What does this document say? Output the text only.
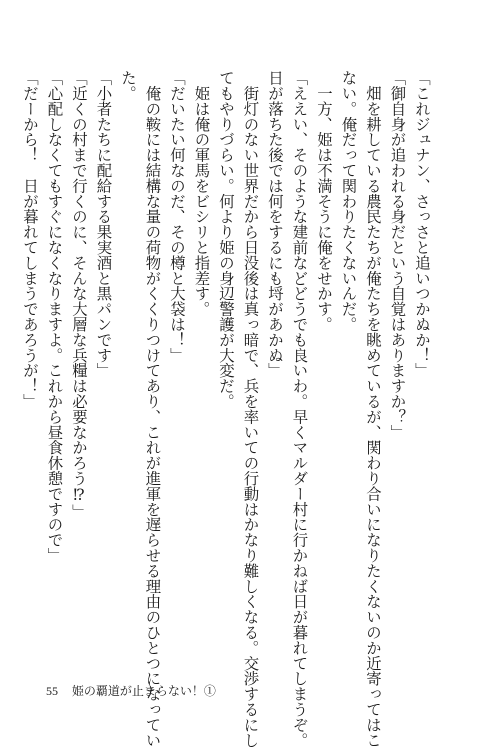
「これジュナン、さっさと追いつかぬか！」
「御自身が追われる身だという自覚はありますか？」
　畑を耕している農民たちが俺たちを眺めているが、関わり合いになりたくないのか近寄ってはこ
ない。俺だって関わりたくないんだ。
　一方、姫は不満そうに俺をせかす。
「ええい、そのような建前などどうでも良いわ。早くマルダー村に行かねば日が暮れてしまうぞ。
日が落ちた後では何をするにも埒があかぬ」
　街灯のない世界だから日没後は真っ暗で、兵を率いての行動はかなり難しくなる。交渉するにし
てもやりづらい。何より姫の身辺警護が大変だ。
　姫は俺の軍馬をビシリと指差す。
「だいたい何なのだ、その樽と大袋は！」
　俺の鞍には結構な量の荷物がくくりつけてあり、これが進軍を遅らせる理由のひとつになってい
た。
「小者たちに配給する果実酒と黒パンです」
「近くの村まで行くのに、そんな大層な兵糧は必要なかろう⁉」
「心配しなくてもすぐになくなりますよ。これから昼食休憩ですので」
「だーから！　日が暮れてしまうであろうが！」
55 姫の覇道が止まらない！①
